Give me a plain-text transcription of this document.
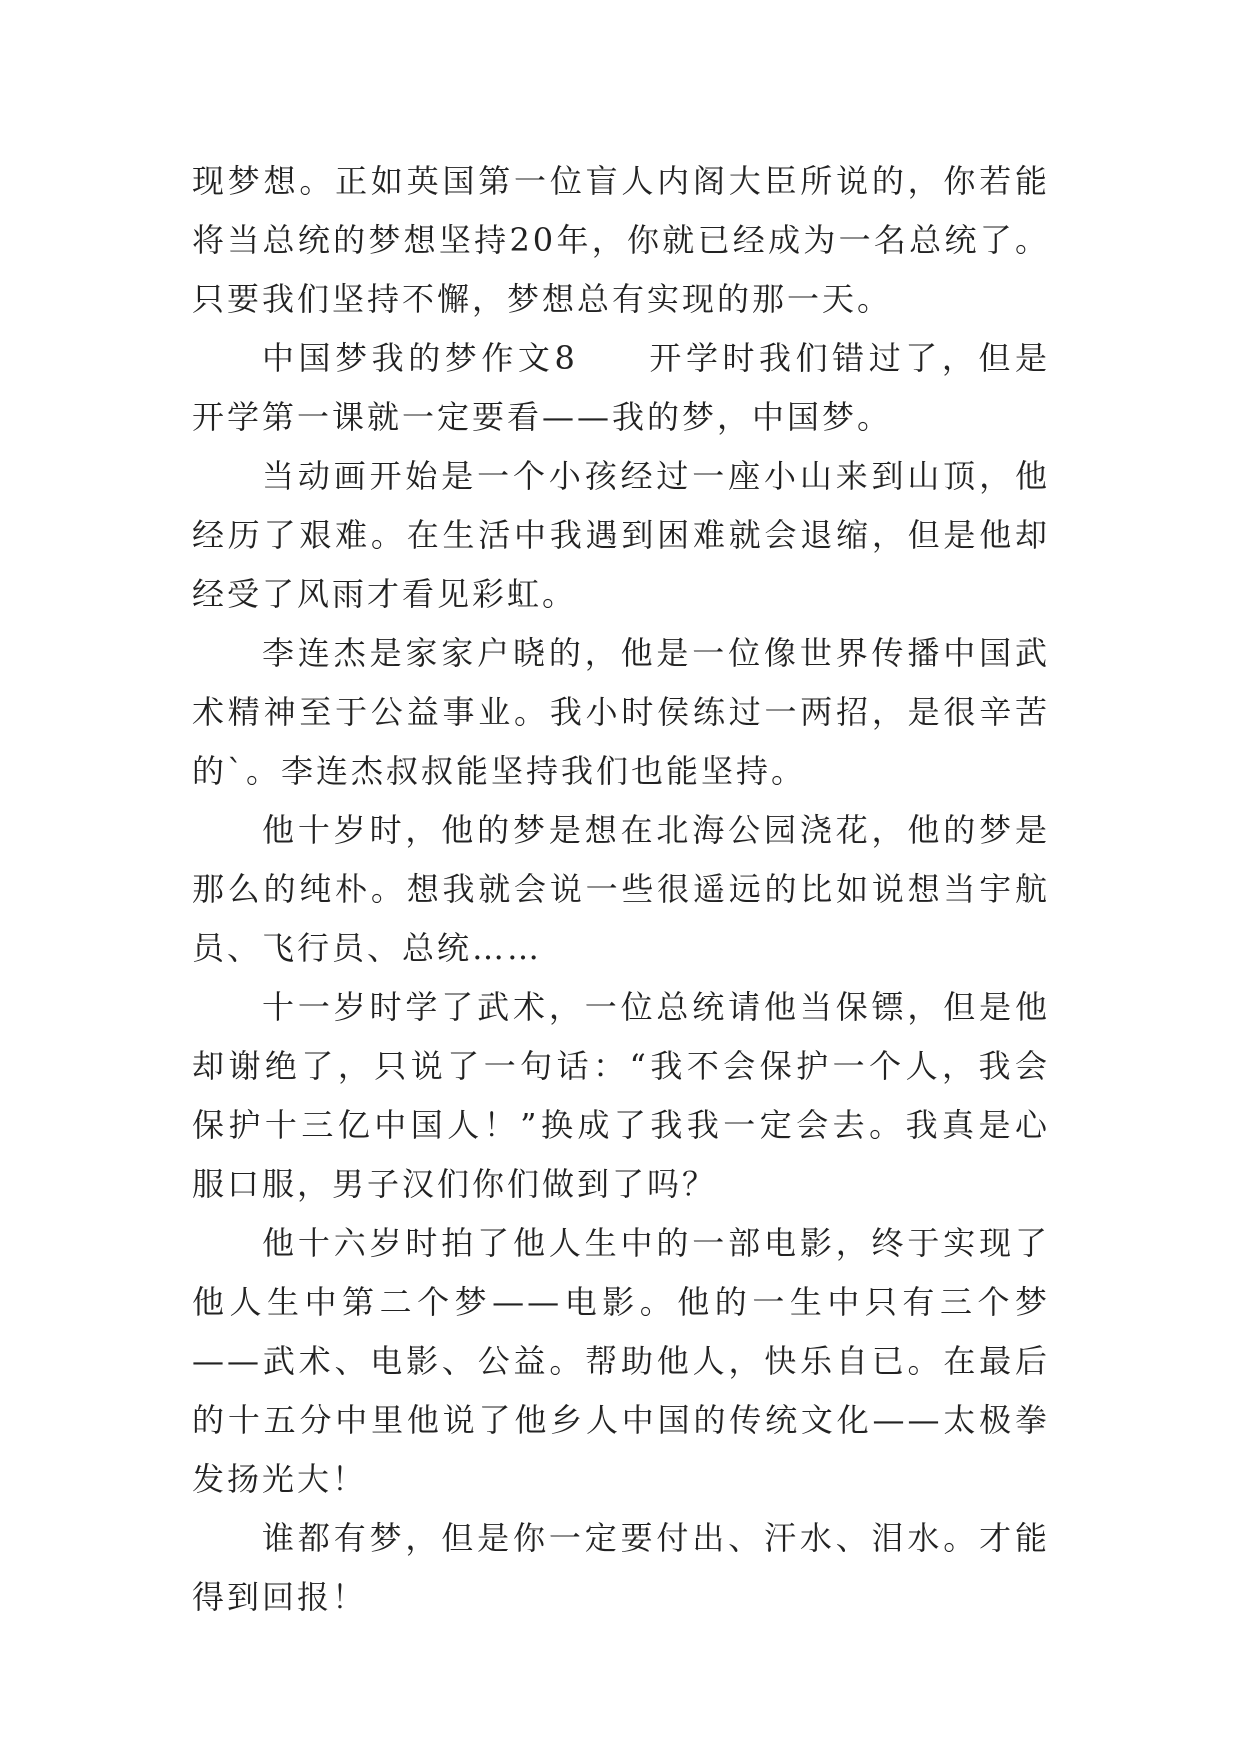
现梦想。正如英国第一位盲人内阁大臣所说的，你若能将当总统的梦想坚持20年，你就已经成为一名总统了。只要我们坚持不懈，梦想总有实现的那一天。

中国梦我的梦作文8 开学时我们错过了，但是开学第一课就一定要看——我的梦，中国梦。

当动画开始是一个小孩经过一座小山来到山顶，他经历了艰难。在生活中我遇到困难就会退缩，但是他却经受了风雨才看见彩虹。

李连杰是家家户晓的，他是一位像世界传播中国武术精神至于公益事业。我小时侯练过一两招，是很辛苦的`。李连杰叔叔能坚持我们也能坚持。

他十岁时，他的梦是想在北海公园浇花，他的梦是那么的纯朴。想我就会说一些很遥远的比如说想当宇航员、飞行员、总统……

十一岁时学了武术，一位总统请他当保镖，但是他却谢绝了，只说了一句话：“我不会保护一个人，我会保护十三亿中国人！”换成了我我一定会去。我真是心服口服，男子汉们你们做到了吗？

他十六岁时拍了他人生中的一部电影，终于实现了他人生中第二个梦——电影。他的一生中只有三个梦——武术、电影、公益。帮助他人，快乐自已。在最后的十五分中里他说了他乡人中国的传统文化——太极拳发扬光大！

谁都有梦，但是你一定要付出、汗水、泪水。才能得到回报！
